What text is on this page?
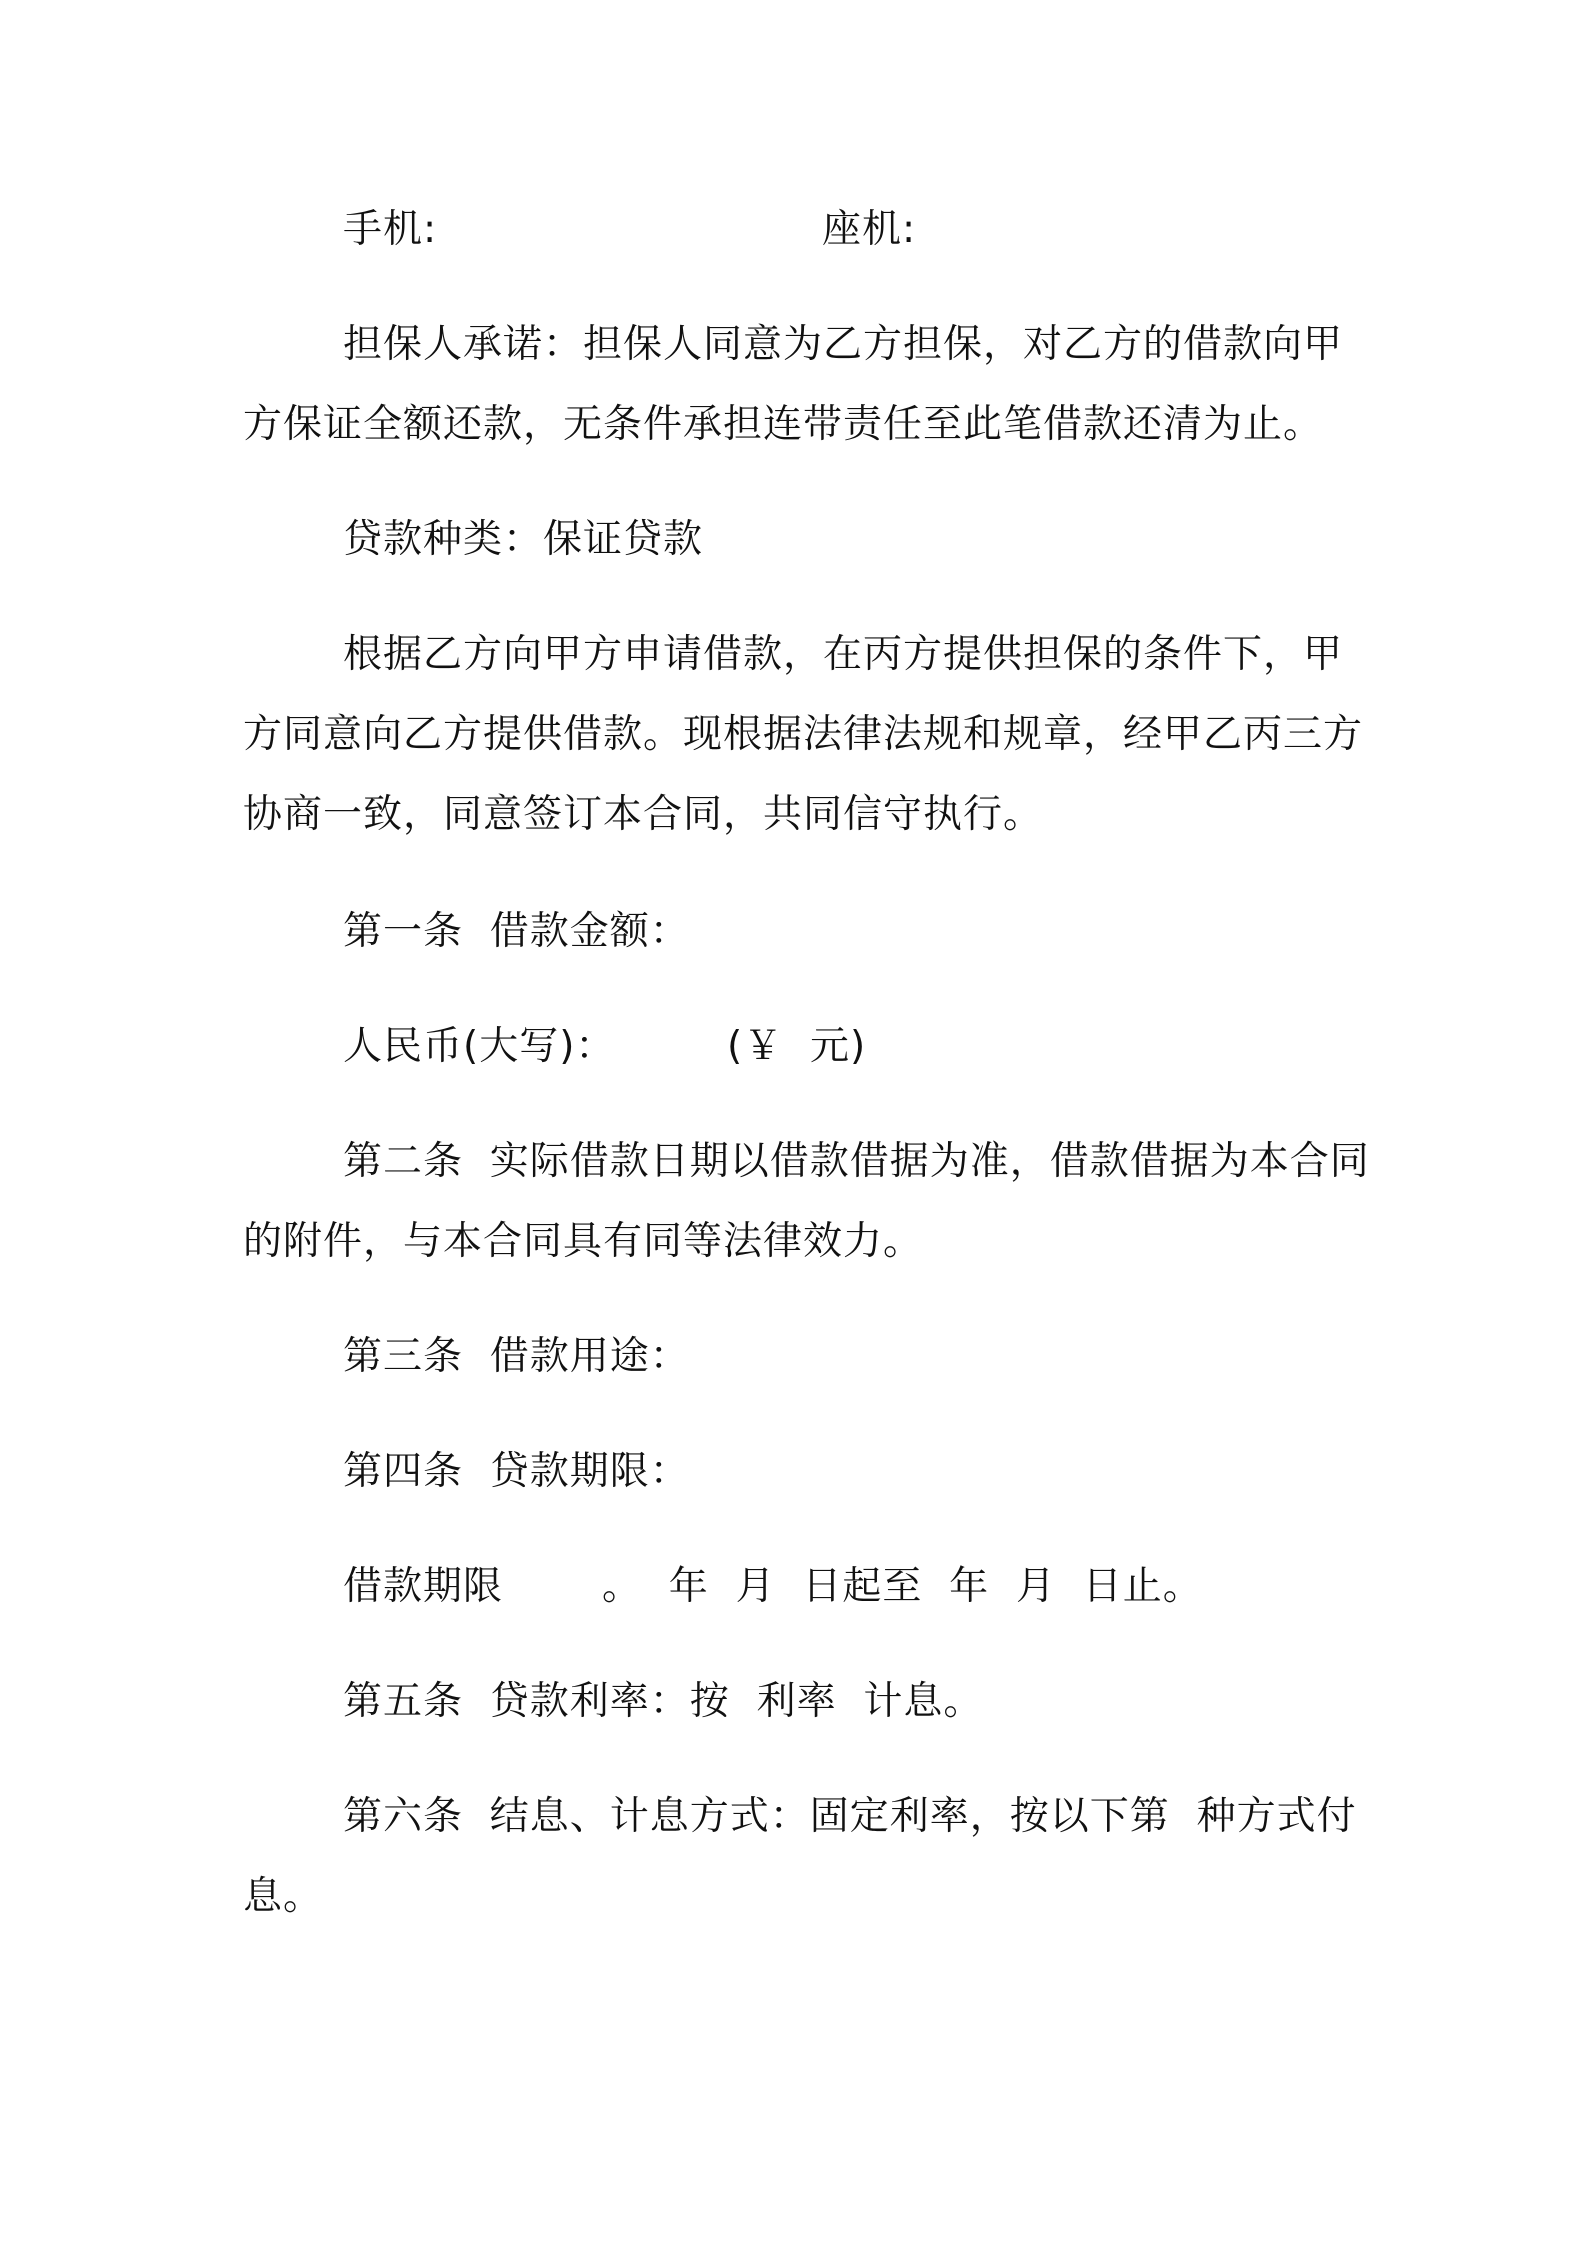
手机:	座机:
担保人承诺：担保人同意为乙方担保，对乙方的借款向甲
方保证全额还款，无条件承担连带责任至此笔借款还清为止。
贷款种类：保证贷款
根据乙方向甲方申请借款，在丙方提供担保的条件下，甲
方同意向乙方提供借款。现根据法律法规和规章，经甲乙丙三方
协商一致，同意签订本合同，共同信守执行。
第一条  借款金额：
人民币(大写)：	(￥  元)
第二条  实际借款日期以借款借据为准，借款借据为本合同
的附件，与本合同具有同等法律效力。
第三条  借款用途：
第四条  贷款期限：
借款期限	。  年  月  日起至  年  月  日止。
第五条  贷款利率：按  利率  计息。
第六条  结息、计息方式：固定利率，按以下第  种方式付
息。
